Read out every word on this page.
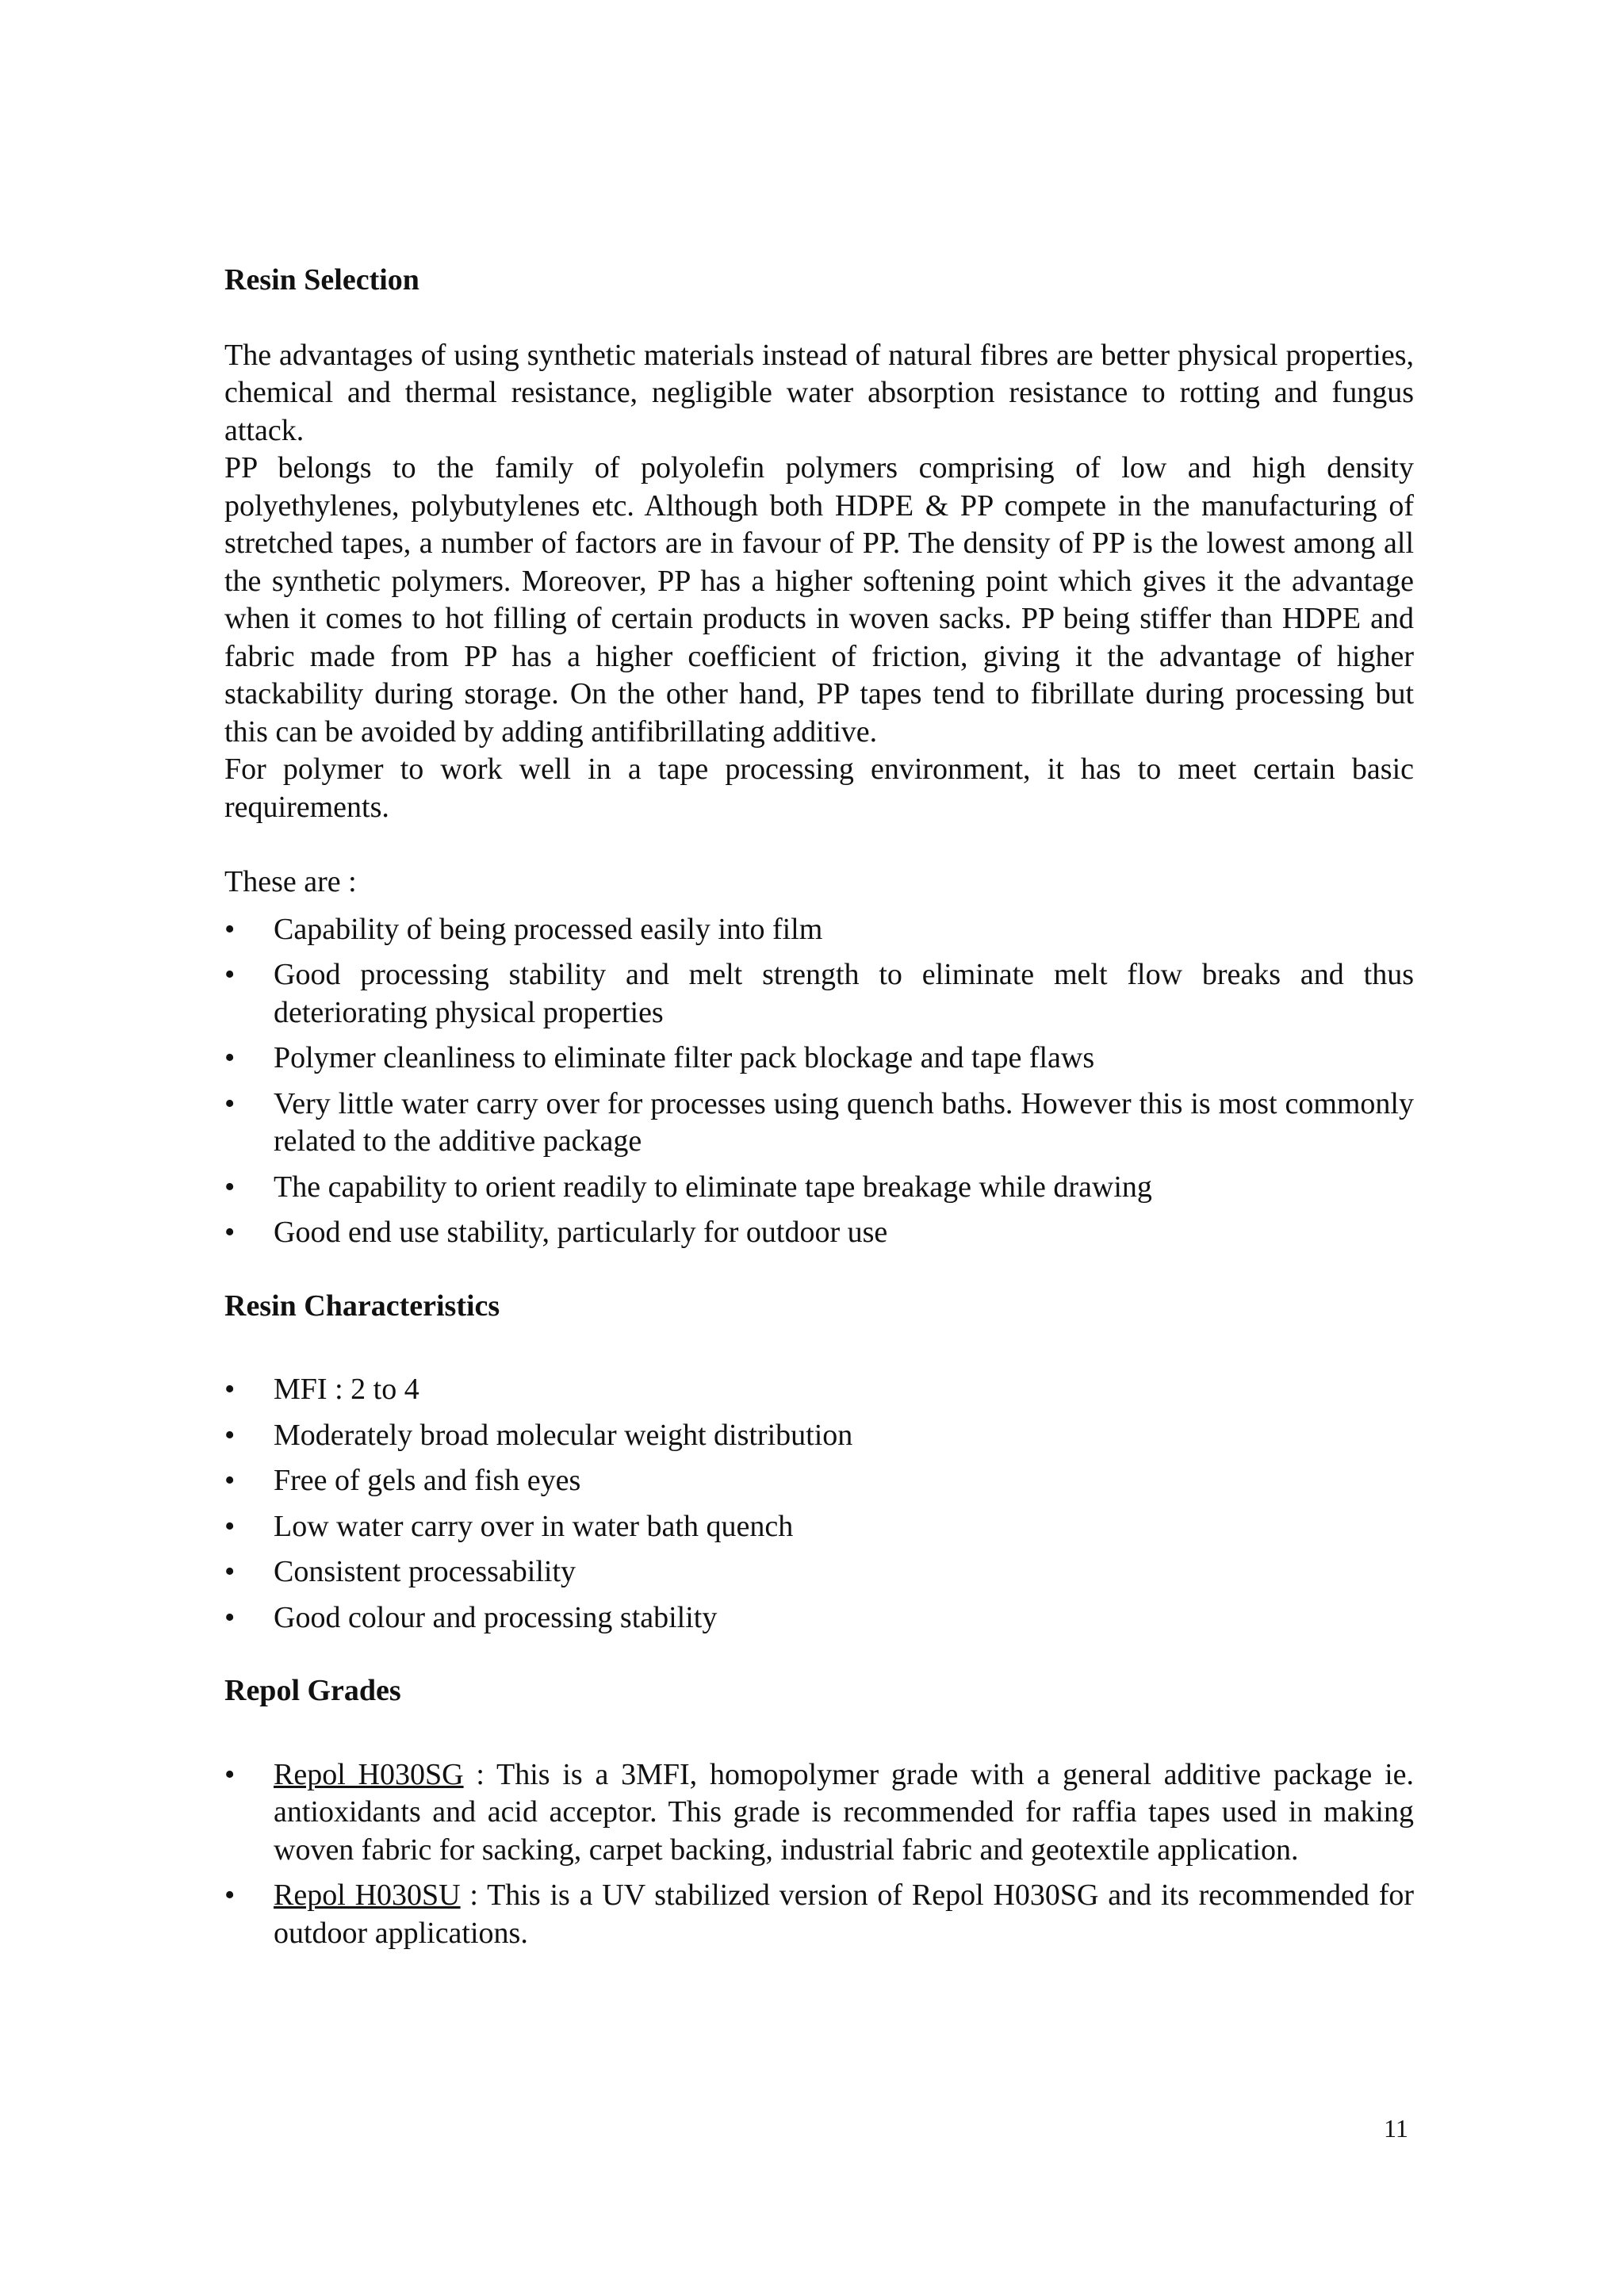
Resin Selection

The advantages of using synthetic materials instead of natural fibres are better physical properties, chemical and thermal resistance, negligible water absorption resistance to rotting and fungus attack.

PP belongs to the family of polyolefin polymers comprising of low and high density polyethylenes, polybutylenes etc. Although both HDPE & PP compete in the manufacturing of stretched tapes, a number of factors are in favour of PP. The density of PP is the lowest among all the synthetic polymers. Moreover, PP has a higher softening point which gives it the advantage when it comes to hot filling of certain products in woven sacks. PP being stiffer than HDPE and fabric made from PP has a higher coefficient of friction, giving it the advantage of higher stackability during storage. On the other hand, PP tapes tend to fibrillate during processing but this can be avoided by adding antifibrillating additive.

For polymer to work well in a tape processing environment, it has to meet certain basic requirements.

These are :

•	Capability of being processed easily into film
•	Good processing stability and melt strength to eliminate melt flow breaks and thus deteriorating physical properties
•	Polymer cleanliness to eliminate filter pack blockage and tape flaws
•	Very little water carry over for processes using quench baths. However this is most commonly related to the additive package
•	The capability to orient readily to eliminate tape breakage while drawing
•	Good end use stability, particularly for outdoor use

Resin Characteristics

•	MFI : 2 to 4
•	Moderately broad molecular weight distribution
•	Free of gels and fish eyes
•	Low water carry over in water bath quench
•	Consistent processability
•	Good colour and processing stability

Repol Grades

•	Repol H030SG : This is a 3MFI, homopolymer grade with a general additive package ie. antioxidants and acid acceptor. This grade is recommended for raffia tapes used in making woven fabric for sacking, carpet backing, industrial fabric and geotextile application.
•	Repol H030SU : This is a UV stabilized version of Repol H030SG and its recommended for outdoor applications.
11
